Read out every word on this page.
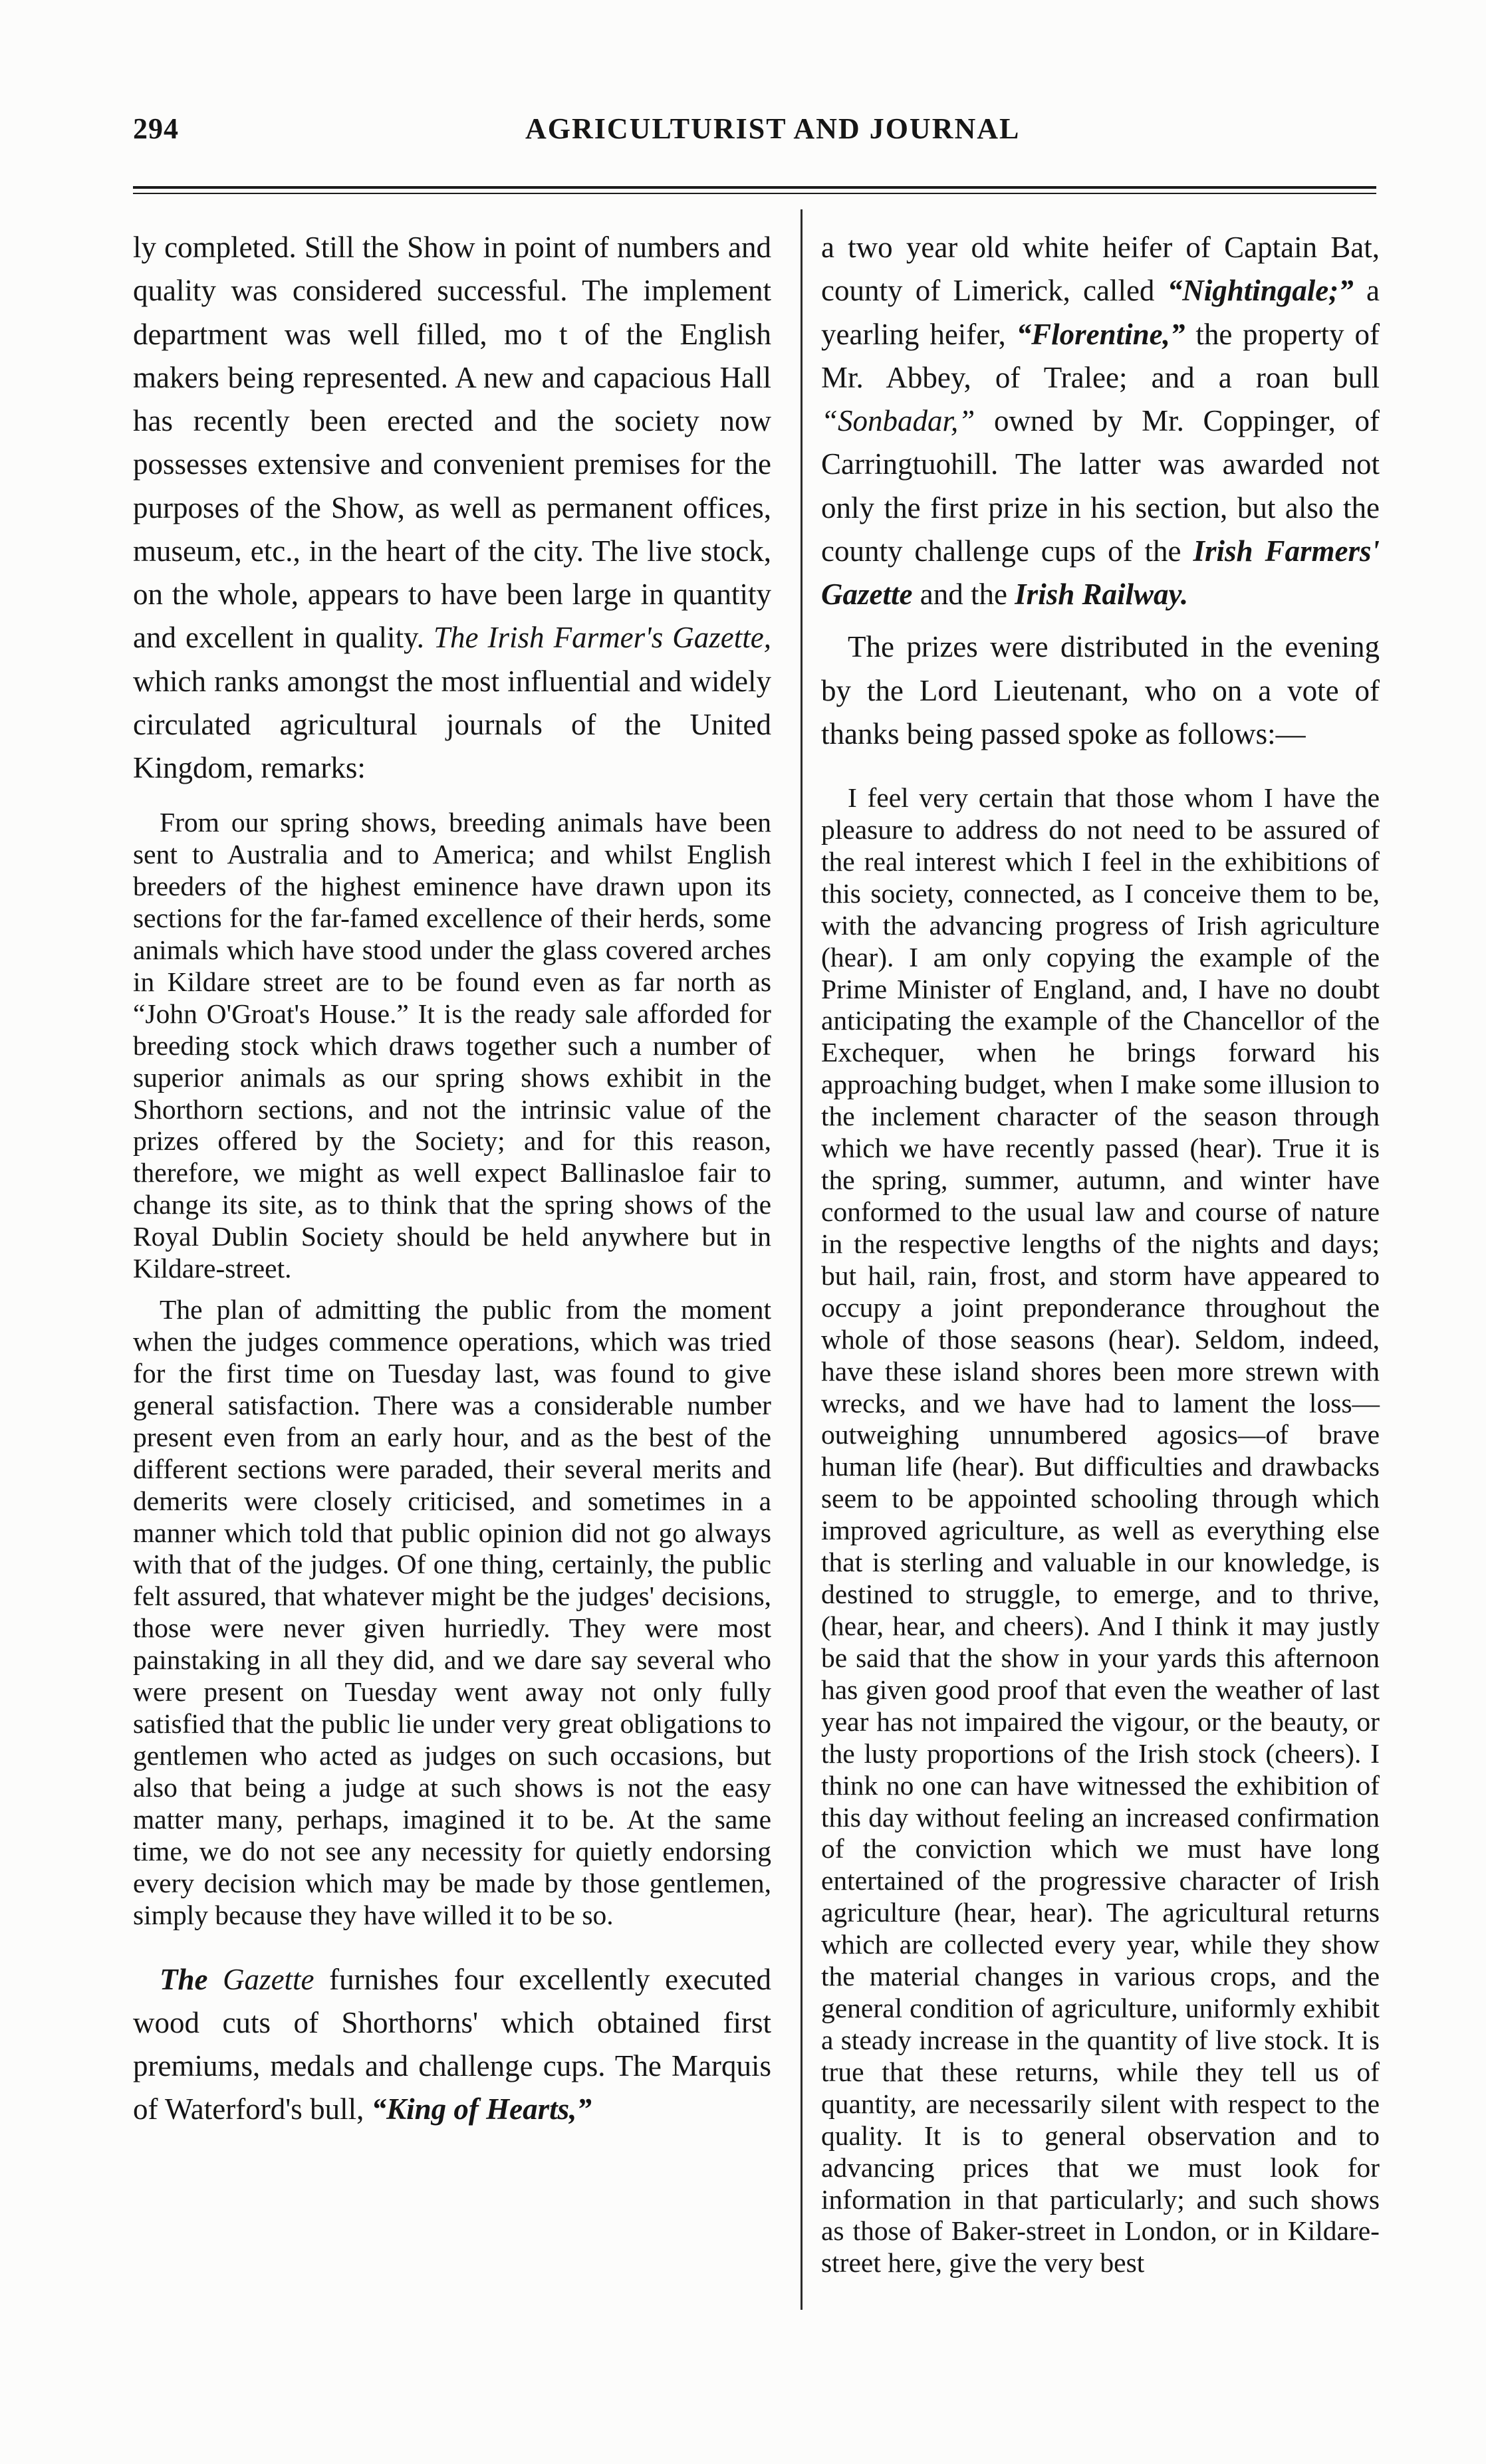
294	AGRICULTURIST AND JOURNAL

ly completed. Still the Show in point of numbers and quality was considered successful. The implement department was well filled, mo t of the English makers being represented. A new and capacious Hall has recently been erected and the society now possesses extensive and convenient premises for the purposes of the Show, as well as permanent offices, museum, etc., in the heart of the city. The live stock, on the whole, appears to have been large in quantity and excellent in quality. The Irish Farmer's Gazette, which ranks amongst the most influential and widely circulated agricultural journals of the United Kingdom, remarks:

From our spring shows, breeding animals have been sent to Australia and to America; and whilst English breeders of the highest eminence have drawn upon its sections for the far-famed excellence of their herds, some animals which have stood under the glass covered arches in Kildare street are to be found even as far north as “John O'Groat's House.” It is the ready sale afforded for breeding stock which draws together such a number of superior animals as our spring shows exhibit in the Shorthorn sections, and not the intrinsic value of the prizes offered by the Society; and for this reason, therefore, we might as well expect Ballinasloe fair to change its site, as to think that the spring shows of the Royal Dublin Society should be held anywhere but in Kildare-street.

The plan of admitting the public from the moment when the judges commence operations, which was tried for the first time on Tuesday last, was found to give general satisfaction. There was a considerable number present even from an early hour, and as the best of the different sections were paraded, their several merits and demerits were closely criticised, and sometimes in a manner which told that public opinion did not go always with that of the judges. Of one thing, certainly, the public felt assured, that whatever might be the judges' decisions, those were never given hurriedly. They were most painstaking in all they did, and we dare say several who were present on Tuesday went away not only fully satisfied that the public lie under very great obligations to gentlemen who acted as judges on such occasions, but also that being a judge at such shows is not the easy matter many, perhaps, imagined it to be. At the same time, we do not see any necessity for quietly endorsing every decision which may be made by those gentlemen, simply because they have willed it to be so.

The Gazette furnishes four excellently executed wood cuts of Shorthorns' which obtained first premiums, medals and challenge cups. The Marquis of Waterford's bull, “King of Hearts,”

a two year old white heifer of Captain Bat, county of Limerick, called “Nightingale;” a yearling heifer, “Florentine,” the property of Mr. Abbey, of Tralee; and a roan bull “Sonbadar,” owned by Mr. Coppinger, of Carringtuohill. The latter was awarded not only the first prize in his section, but also the county challenge cups of the Irish Farmers' Gazette and the Irish Railway.

The prizes were distributed in the evening by the Lord Lieutenant, who on a vote of thanks being passed spoke as follows:—

I feel very certain that those whom I have the pleasure to address do not need to be assured of the real interest which I feel in the exhibitions of this society, connected, as I conceive them to be, with the advancing progress of Irish agriculture (hear). I am only copying the example of the Prime Minister of England, and, I have no doubt anticipating the example of the Chancellor of the Exchequer, when he brings forward his approaching budget, when I make some illusion to the inclement character of the season through which we have recently passed (hear). True it is the spring, summer, autumn, and winter have conformed to the usual law and course of nature in the respective lengths of the nights and days; but hail, rain, frost, and storm have appeared to occupy a joint preponderance throughout the whole of those seasons (hear). Seldom, indeed, have these island shores been more strewn with wrecks, and we have had to lament the loss—outweighing unnumbered agosics—of brave human life (hear). But difficulties and drawbacks seem to be appointed schooling through which improved agriculture, as well as everything else that is sterling and valuable in our knowledge, is destined to struggle, to emerge, and to thrive, (hear, hear, and cheers). And I think it may justly be said that the show in your yards this afternoon has given good proof that even the weather of last year has not impaired the vigour, or the beauty, or the lusty proportions of the Irish stock (cheers). I think no one can have witnessed the exhibition of this day without feeling an increased confirmation of the conviction which we must have long entertained of the progressive character of Irish agriculture (hear, hear). The agricultural returns which are collected every year, while they show the material changes in various crops, and the general condition of agriculture, uniformly exhibit a steady increase in the quantity of live stock. It is true that these returns, while they tell us of quantity, are necessarily silent with respect to the quality. It is to general observation and to advancing prices that we must look for information in that particularly; and such shows as those of Baker-street in London, or in Kildare-street here, give the very best
